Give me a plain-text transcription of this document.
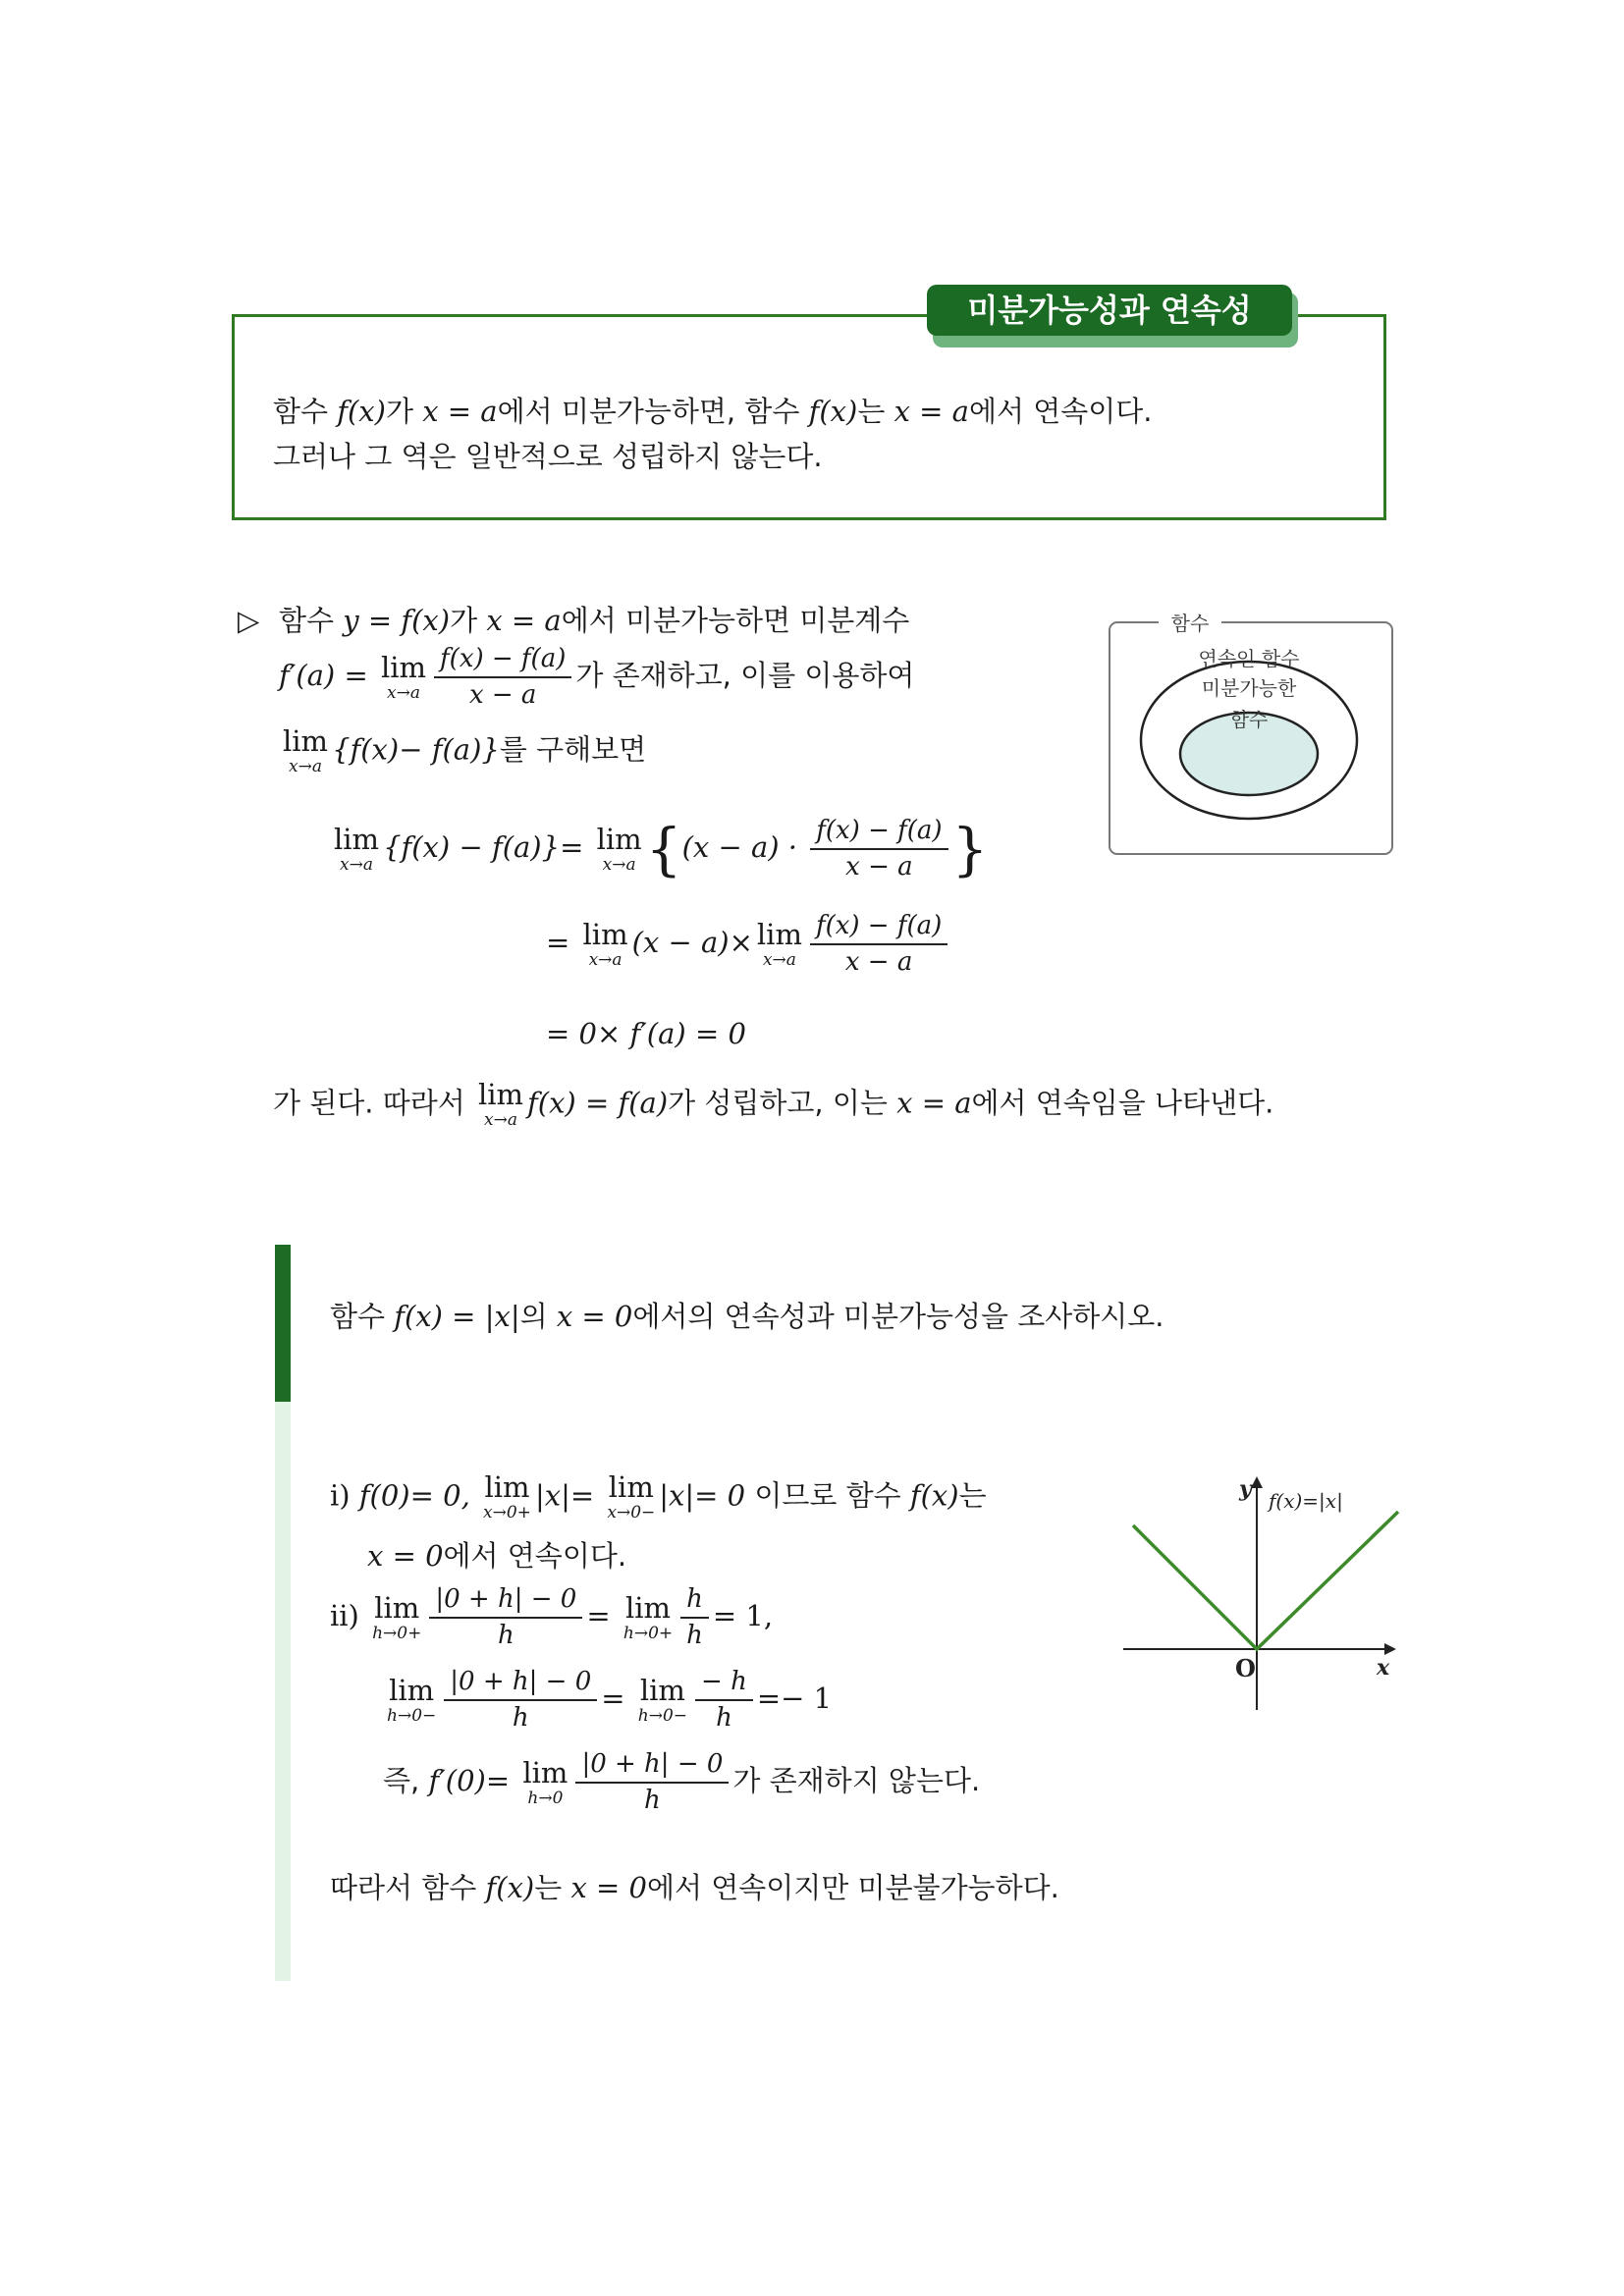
미분가능성과 연속성
함수 f(x)가 x = a에서 미분가능하면, 함수 f(x)는 x = a에서 연속이다.
그러나 그 역은 일반적으로 성립하지 않는다.
▷ 함수 y = f(x)가 x = a에서 미분가능하면 미분계수
f′(a) = lim
$x\to a \frac{f(x) - f(a)}{x - a}$ 가 존재하고, 이를 이용하여
lim
x→a
{f(x)− f(a)}를 구해보면
lim
x→a
{f(x) − f(a)}= lim
x→a {$(x - a) \cdot \frac{f(x) - f(a)}{x - a}$ }
= lim
x→a
(x − a)× lim
$x\to a \frac{f(x) - f(a)}{x - a}$
= 0× f′(a) = 0
가 된다. 따라서 lim
x→a
f(x) = f(a)가 성립하고, 이는 x = a에서 연속임을 나타낸다.
함수
연속인 함수
미분가능한
함수
함수 f(x) = |x|의 x = 0에서의 연속성과 미분가능성을 조사하시오.
i) f(0)= 0, lim
x→0+
|x|= lim
x→0−
|x|= 0 이므로 함수 f(x)는
x = 0에서 연속이다.
ii) lim
$h\to 0+ \frac{|0 + h| - 0}{h} = \lim$
$h\to 0+ \frac{h}{h} = 1$,
lim
$h\to 0- \frac{|0 + h| - 0}{h} = \lim$
$h\to 0- \frac{- h}{h} =- 1$
즉, f′(0)= lim
$h\to 0 \frac{|0 + h| - 0}{h}$ 가 존재하지 않는다.
따라서 함수 f(x)는 x = 0에서 연속이지만 미분불가능하다.
y
x
O
f(x)=|x|
